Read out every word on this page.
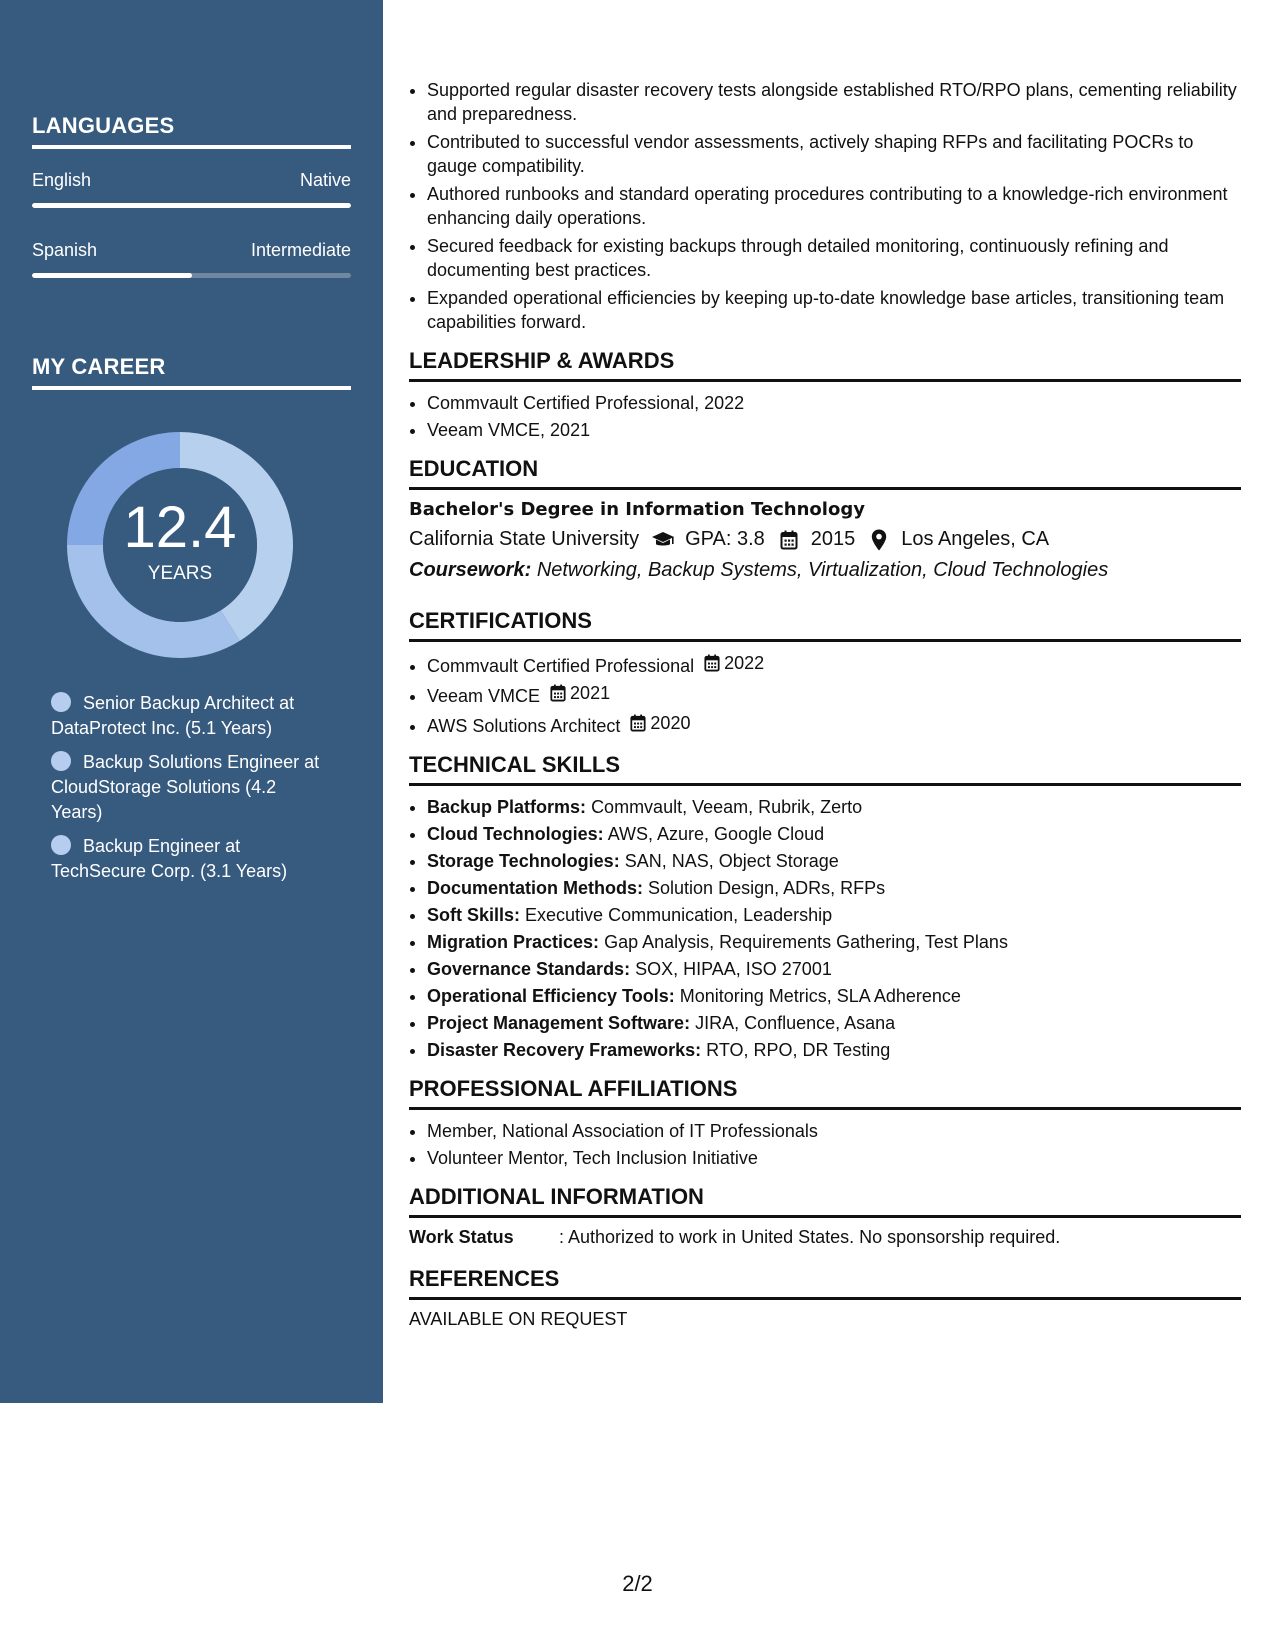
LANGUAGES
English	Native
Spanish	Intermediate
MY CAREER
12.4
YEARS
Senior Backup Architect at DataProtect Inc. (5.1 Years)
Backup Solutions Engineer at CloudStorage Solutions (4.2 Years)
Backup Engineer at TechSecure Corp. (3.1 Years)
• Supported regular disaster recovery tests alongside established RTO/RPO plans, cementing reliability and preparedness.
• Contributed to successful vendor assessments, actively shaping RFPs and facilitating POCRs to gauge compatibility.
• Authored runbooks and standard operating procedures contributing to a knowledge-rich environment enhancing daily operations.
• Secured feedback for existing backups through detailed monitoring, continuously refining and documenting best practices.
• Expanded operational efficiencies by keeping up-to-date knowledge base articles, transitioning team capabilities forward.
LEADERSHIP & AWARDS
• Commvault Certified Professional, 2022
• Veeam VMCE, 2021
EDUCATION
Bachelor's Degree in Information Technology
California State University GPA: 3.8 2015 Los Angeles, CA
Coursework: Networking, Backup Systems, Virtualization, Cloud Technologies
CERTIFICATIONS
• Commvault Certified Professional 2022
• Veeam VMCE 2021
• AWS Solutions Architect 2020
TECHNICAL SKILLS
• Backup Platforms: Commvault, Veeam, Rubrik, Zerto
• Cloud Technologies: AWS, Azure, Google Cloud
• Storage Technologies: SAN, NAS, Object Storage
• Documentation Methods: Solution Design, ADRs, RFPs
• Soft Skills: Executive Communication, Leadership
• Migration Practices: Gap Analysis, Requirements Gathering, Test Plans
• Governance Standards: SOX, HIPAA, ISO 27001
• Operational Efficiency Tools: Monitoring Metrics, SLA Adherence
• Project Management Software: JIRA, Confluence, Asana
• Disaster Recovery Frameworks: RTO, RPO, DR Testing
PROFESSIONAL AFFILIATIONS
• Member, National Association of IT Professionals
• Volunteer Mentor, Tech Inclusion Initiative
ADDITIONAL INFORMATION
Work Status	: Authorized to work in United States. No sponsorship required.
REFERENCES
AVAILABLE ON REQUEST
2/2
